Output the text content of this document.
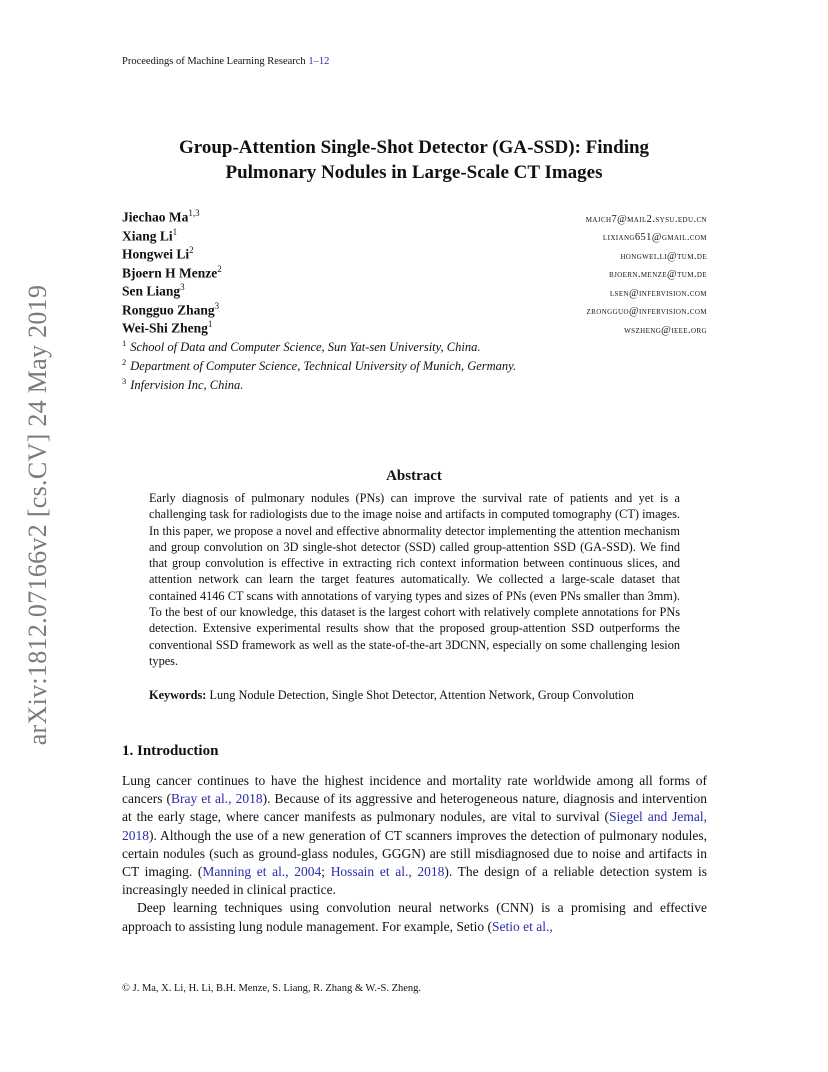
arXiv:1812.07166v2 [cs.CV] 24 May 2019
Proceedings of Machine Learning Research 1–12
Group-Attention Single-Shot Detector (GA-SSD): Finding
Pulmonary Nodules in Large-Scale CT Images
Jiechao Ma$^{1,3}$
majch7@mail2.sysu.edu.cn
Xiang Li$^1$
lixiang651@gmail.com
Hongwei Li$^2$
hongwei.li@tum.de
Bjoern H Menze$^2$
bjoern.menze@tum.de
Sen Liang$^3$
lsen@infervision.com
Rongguo Zhang$^3$
zrongguo@infervision.com
Wei-Shi Zheng$^1$
wszheng@ieee.org
$^1$ School of Data and Computer Science, Sun Yat-sen University, China.
$^2$ Department of Computer Science, Technical University of Munich, Germany.
$^3$ Infervision Inc, China.
Abstract
Early diagnosis of pulmonary nodules (PNs) can improve the survival rate of patients and yet is a challenging task for radiologists due to the image noise and artifacts in computed tomography (CT) images. In this paper, we propose a novel and effective abnormality detector implementing the attention mechanism and group convolution on 3D single-shot detector (SSD) called group-attention SSD (GA-SSD). We find that group convolution is effective in extracting rich context information between continuous slices, and attention network can learn the target features automatically. We collected a large-scale dataset that contained 4146 CT scans with annotations of varying types and sizes of PNs (even PNs smaller than 3mm). To the best of our knowledge, this dataset is the largest cohort with relatively complete annotations for PNs detection. Extensive experimental results show that the proposed group-attention SSD outperforms the conventional SSD framework as well as the state-of-the-art 3DCNN, especially on some challenging lesion types.
Keywords: Lung Nodule Detection, Single Shot Detector, Attention Network, Group Convolution
1. Introduction

Lung cancer continues to have the highest incidence and mortality rate worldwide among all forms of cancers (Bray et al., 2018). Because of its aggressive and heterogeneous nature, diagnosis and intervention at the early stage, where cancer manifests as pulmonary nodules, are vital to survival (Siegel and Jemal, 2018). Although the use of a new generation of CT scanners improves the detection of pulmonary nodules, certain nodules (such as ground-glass nodules, GGGN) are still misdiagnosed due to noise and artifacts in CT imaging. (Manning et al., 2004; Hossain et al., 2018). The design of a reliable detection system is increasingly needed in clinical practice.

Deep learning techniques using convolution neural networks (CNN) is a promising and effective approach to assisting lung nodule management. For example, Setio (Setio et al.,

© J. Ma, X. Li, H. Li, B.H. Menze, S. Liang, R. Zhang & W.-S. Zheng.
